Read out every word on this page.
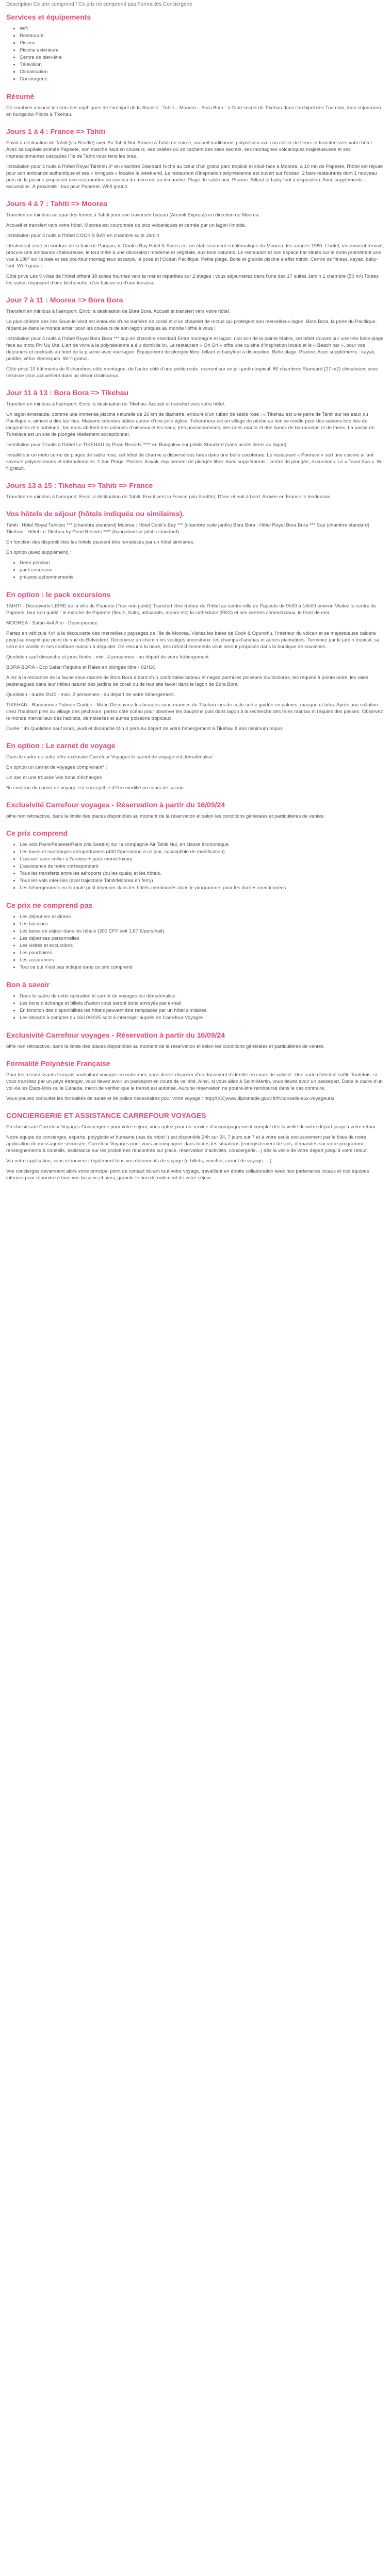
Description Ce prix comprend / Ce prix ne comprend pas Formalités Conciergerie

Services et équipements
• Wifi
• Restaurant
• Piscine
• Piscine extérieure
• Centre de bien-être
• Télévision
• Climatisation
• Conciergerie
Résumé

Ce combiné associe les trois îles mythiques de l’archipel de la Société : Tahiti – Moorea – Bora Bora : à l’abri secret de Tikehau dans l’archipel des Tuamotu, leau séjournera en bungalow Pilotis à Tikehau.

Jours 1 à 4 : France => Tahiti

Envol à destination de Tahiti (via Seattle) avec Air Tahiti Nui. Arrivée à Tahiti en soirée, accueil traditionnel polynésien avec un collier de fleurs et transfert vers votre hôtel. Avec sa capitale animée Papeete, son marché haut en couleurs, ses vallées où se cachent des sites secrets, ses montagnes volcaniques majestueuses et ses impressionnantes cascades l’île de Tahiti vous tend les bras.

Installation pour 3 nuits à l’hôtel Royal Tahitien 3* en chambre Standard Niché au cœur d’un grand parc tropical et situé face à Moorea, à 10 mn de Papeete, l’hôtel est réputé pour son ambiance authentique et ses « bringues » locales le week-end. Le restaurant d’inspiration polynésienne est ouvert sur l’océan. 2 bars-restaurants dont 1 nouveau près de la piscine proposent une restauration en continu du mercredi au dimanche. Plage de sable noir. Piscine. Billard et baby-foot à disposition. Avec suppléments : excursions. À proximité : bus pour Papeete. Wi-fi gratuit.

Jours 4 à 7 : Tahiti => Moorea

Transfert en minibus au quai des ferries à Tahiti pour une traversée bateau (Aremiti Express) en direction de Moorea.

Accueil et transfert vers votre hôtel. Moorea est couronnée de pics volcaniques et cernée par un lagon limpide.

Installation pour 3 nuits à l’hôtel COOK’S BAY en chambre suite Jardin

Idéalement situé en bordure de la baie de Paopao, le Cook’s Bay Hotel & Suites est un établissement emblématique du Moorea des années 1980. L’hôtel, récemment rénové, procure une ambiance chaleureuse, le tout mêlé à une décoration moderne et végétale, aux tons naturels. Le restaurant et son espace bar situés sur le moto prométtent une vue à 180° sur la baie et ses pourtour montagneux escarpé, la pose et l’Océan Pacifique. Petite plage. Boite et grande piscine à effet miroir. Centre de fitness, kayak, baby-foot. Wi-fi gratuit.

Côté prive Les 5 villas de l’hôtel offrent 38 suites fournies vers la mer et répartites sur 2 étages : vous séjournerez dans l’une des 17 suites Jardin 1 chambre (50 m²) Toutes les suites disposent d’une kitchenette, d’un balcon ou d’une terrasse.

Jour 7 à 11 : Moorea => Bora Bora

Transfert en minibus à l’aéroport. Envol à destination de Bora Bora. Accueil et transfert vers votre hôtel.

La plus célèbre des îles Sous-le-Vent est entourée d’une barrière de corail et d’un chapelet de motus qui protègent son merveilleux lagon. Bora Bora, la perle du Pacifique, répandue dans le monde entier pour les couleurs de son lagon uniques au monde l’offre à vous !

Installation pour 3 nuits à l’hôtel Royal Bora Bora *** sup en chambre standard Entre montagne et lagon, non loin de la pointe Matira, cet hôtel s’ouvre sur une très belle plage face au motu Piti Uu Uta. L’art de vivre à la polynésienne a élu domicile ici. Le restaurant « Ori Ori » offre une cuisine d’inspiration locale et le « Beach bar », pour vos déjeuners et cocktails au bord de la piscine avec vue lagon. Équipement de plongée libre, billard et babyfoot à disposition. Belle plage. Piscine. Avec suppléments : kayak, paddle, vélos électriques. Wi-fi gratuit.

Côté privé 10 bâtiments de 8 chambres côté montagne, de l’autre côté d’une petite route, ouvrent sur un joli jardin tropical. 80 chambres Standard (27 m2) climatisées avec terrasse vous accueillent dans un décor chaleureux.

Jour 11 à 13 : Bora Bora => Tikehau

Transfert en minibus à l’aéroport. Envol à destination de Tikehau. Accueil et transfert vers votre hôtel.

Un lagon émeraude, comme une immense piscine naturelle de 26 km de diamètre, entouré d’un ruban de sable rose : « Tikehau est une perle de Tahiti sur les eaux du Pacifique », aiment à dire les lites. Maisons colorées bâties autour d’une jolie église, Tuherahera est un village de pêche au lion se revêle pour des saisons lors des de langoustes et d’habitues ; las mutu abritent des colonies d’oiseaux et les eaux, très poissonneuses, des raies manta et des bancs de barracudas et de thons. La passe de Tuheiava est un site de plongée réellement exceptionnel.

Installation pour 2 nuits à l’hôtel Le TIKEHAU by Pearl Resorts **** en Bungalow sur pilotis Standard (sans accès direct au lagon)

Installé sur un motu cerné de plages de sable rose, cet hôtel de charme a dispersé ses farés dans une belle cocoteraie. Le restaurant « Poerava » sert une cuisine alliant saveurs polynésiennes et internationales. 1 bar. Plage. Piscine. Kayak, équipement de plongée libre. Avec suppléments : centre de plongée, excursions. Le « Tavai Spa ». Wi-fi gratuit.

Jours 13 à 15 : Tikehau => Tahiti => France

Transfert en minibus à l’aéroport. Envol à destination de Tahiti. Envol vers la France (via Seattle). Dîner et nuit à bord. Arrivée en France le lendemain.

Vos hôtels de séjour (hôtels indiqués ou similaires).

Tahiti : Hôtel Royal Tahitien *** (chambre standard) Moorea : Hôtel Cook’s Bay *** (chambre suite jardin) Bora Bora : Hôtel Royal Bora Bora *** Sup (chambre standard) Tikehau : Hôtel Le Tikehau by Pearl Resorts **** (bungalow sur pilotis standard)

En fonction des disponibilités les hôtels peuvent être remplacés par un hôtel similaires.

En option (avec supplément) :

• Demi-pension
• pack excursion
• pré-post acheminements
En option : le pack excursions

TAHITI - Découverte LIBRE de la ville de Papeete (Tour non guidé) Transfert libre (retour de l’hôtel au centre-ville de Papeete de 9h00 à 14h00 environ Visitez le centre de Papeete, tour non guidé : le marché de Papeete (fleurs, fruits, artisanats, monoï etc) la cathédrale (FKO) et ses centres commerciaux, le front de mer.

MOOREA - Safari 4x4 Aito - Demi-journée

Partez en véhicule 4x4 à la découverte des merveilleux paysages de l’île de Moorea. Visitez les baies de Cook & Opunohu, l’intérieur du volcan et se majestueuse caldera jusqu’au magnifique point de vue du Belvédère. Découvrez en chemin les vestiges ancestraux, les champs d’ananas et autres plantations. Terminez par le jardin tropical, sa serre de vanille et ses confiture maison à déguster. De retour à la boue, des rafraîchissements vous seront proposés dans la boutique de souvenirs.

Quotidien sauf dimanche et jours fériés - mini. 4 personnes - au départ de votre hébergement

BORA BORA - Eco Safari Requins et Raies en plongée libre - 02H30

Allez à la rencontre de la faune sous-marine de Bora Bora à bord d’un confortable bateau et nagez parmi les poissons multicolores, les requins à pointe noire, les raies pastenagues dans leur milieu naturel des jardins de corail ou de leur site favori dans le lagon de Bora Bora.

Quotidien - durée 2h30 - mini. 2 personnes - au départ de votre hébergement.

TIKEHAU - Randonnée Palmée Guidée - Matin Découvrez les beautés sous-marines de Tikehau lors de cette sortie guidée en palmes, masque et tuba. Après une collation chez l’habitant près du village des pêcheurs, partez côté océan pour observer les dauphins puis dans lagon à la recherche des raies mantas et requins des passes. Observez le monde merveilleux des habitats, demoiselles et autres poissons tropicaux.

Durée : 4h Quotidien sauf lundi, jeudi et dimanche Min 4 pers Au départ de votre hébergement à Tikehau 8 ans minimum requis

En option : Le carnet de voyage

Dans le cadre de cette offre exclusive Carrefour Voyages le carnet de voyage est dématérialisé

En option un carnet de voyages comprenant* :

Un sac et une trousse Vos bons d’échanges

*le contenu du carnet de voyage est susceptible d’être modifié en cours de saison.

Exclusivité Carrefour voyages - Réservation à partir du 16/09/24

offre non rétroactive, dans la limite des places disponibles au moment de la réservation et selon les conditions générales et particulières de ventes.

Ce prix comprend
• Les vols Paris/Papeete/Paris (via Seattle) sur la compagnie Air Tahiti Nui, en classe économique.
• Les taxes et surcharges aéroportuaires (430 €/personne à ce jour, susceptible de modification).
• L’accueil avec collier à l’arrivée + pack monoï luxury
• L’assistance de notre correspondant
• Tous les transferts entre les aéroports (ou les quais) et les hôtels.
• Tous les vols inter-îles (aval trajectoire Tahiti/Moorea en ferry)
• Les hébergements en formule petit déjeuner dans les hôtels mentionnés dans le programme, pour les durées mentionnées.
Ce prix ne comprend pas
• Les déjeuners et dîners
• Les boissons
• Les taxes de séjour dans les hôtels (200 CFP soit 1,67 €/pers/nuit).
• Les dépenses personnelles
• Les visites et excursions
• Les pourboires
• Les assurances
• Tout ce qui n’est pas indiqué dans ce prix comprend
Bon à savoir
• Dans le cadre de cette opération le carnet de voyages est dématérialisé.
• Les bons d’échange et billets d’avion vous seront donc envoyés par e-mail.
• En fonction des disponibilités les hôtels peuvent être remplacés par un hôtel similaires.
• Les départs à compter du 16/10/2025 sont à interroger auprès de Carrefour Voyages
Exclusivité Carrefour voyages - Réservation à partir du 16/09/24

offre non rétroactive, dans la limite des places disponibles au moment de la réservation et selon les conditions générales et particulières de ventes.

Formalité Polynésie Française

Pour les ressortissants français souhaitant voyager en outre-mer, vous devez disposer d’un document d’identité en cours de validité. Une carte d’identité suffit. Toutefois, si vous transitez par un pays étranger, vous devez avoir un passeport en cours de validité. Ainsi, si vous allez à Saint-Martin, vous devez avoir un passeport. Dans le cadre d’un vol via les États-Unis ou le Canada, merci de vérifier que le transit est autorisé. Aucune réservation ne pourra être remboursé dans le cas contraire.

Vous pouvez consulter les formalités de santé et de police nécessaires pour votre voyage : http(XXX)www.diplomatie.gouv.fr/fr/conseils-aux-voyageurs/

CONCIERGERIE ET ASSISTANCE CARREFOUR VOYAGES

En choisissant Carrefour Voyages Conciergerie pour votre séjour, vous optez pour un service d’accompagnement complet dès la veille de votre départ jusqu’à votre retour.

Notre équipe de concierges, experte, polyglotte et humaine (pas de robot !) est disponible 24h sur 24, 7 jours sur 7 et à votre seule exclusivement par le biais de notre application de messagerie sécurisée, Carrefour Voyages pour vous accompagner dans toutes les situations (enregistrement de vols, demandes sur votre programme, renseignements & conseils, assistance sur les problèmes rencontrés sur place, réservation d’activités, conciergerie…) dès la veille de votre départ jusqu’à votre retour.

Via notre application, vous retrouverez également tous vos documents de voyage (e-billets, voucher, carnet de voyage, ...)

Vos concierges deviennent alors votre principal point de contact durant tout votre voyage, travaillant en étroite collaboration avec nos partenaires locaux et nos équipes internes pour répondre à tous vos besoins et ainsi, garantir le bon déroulement de votre séjour.
